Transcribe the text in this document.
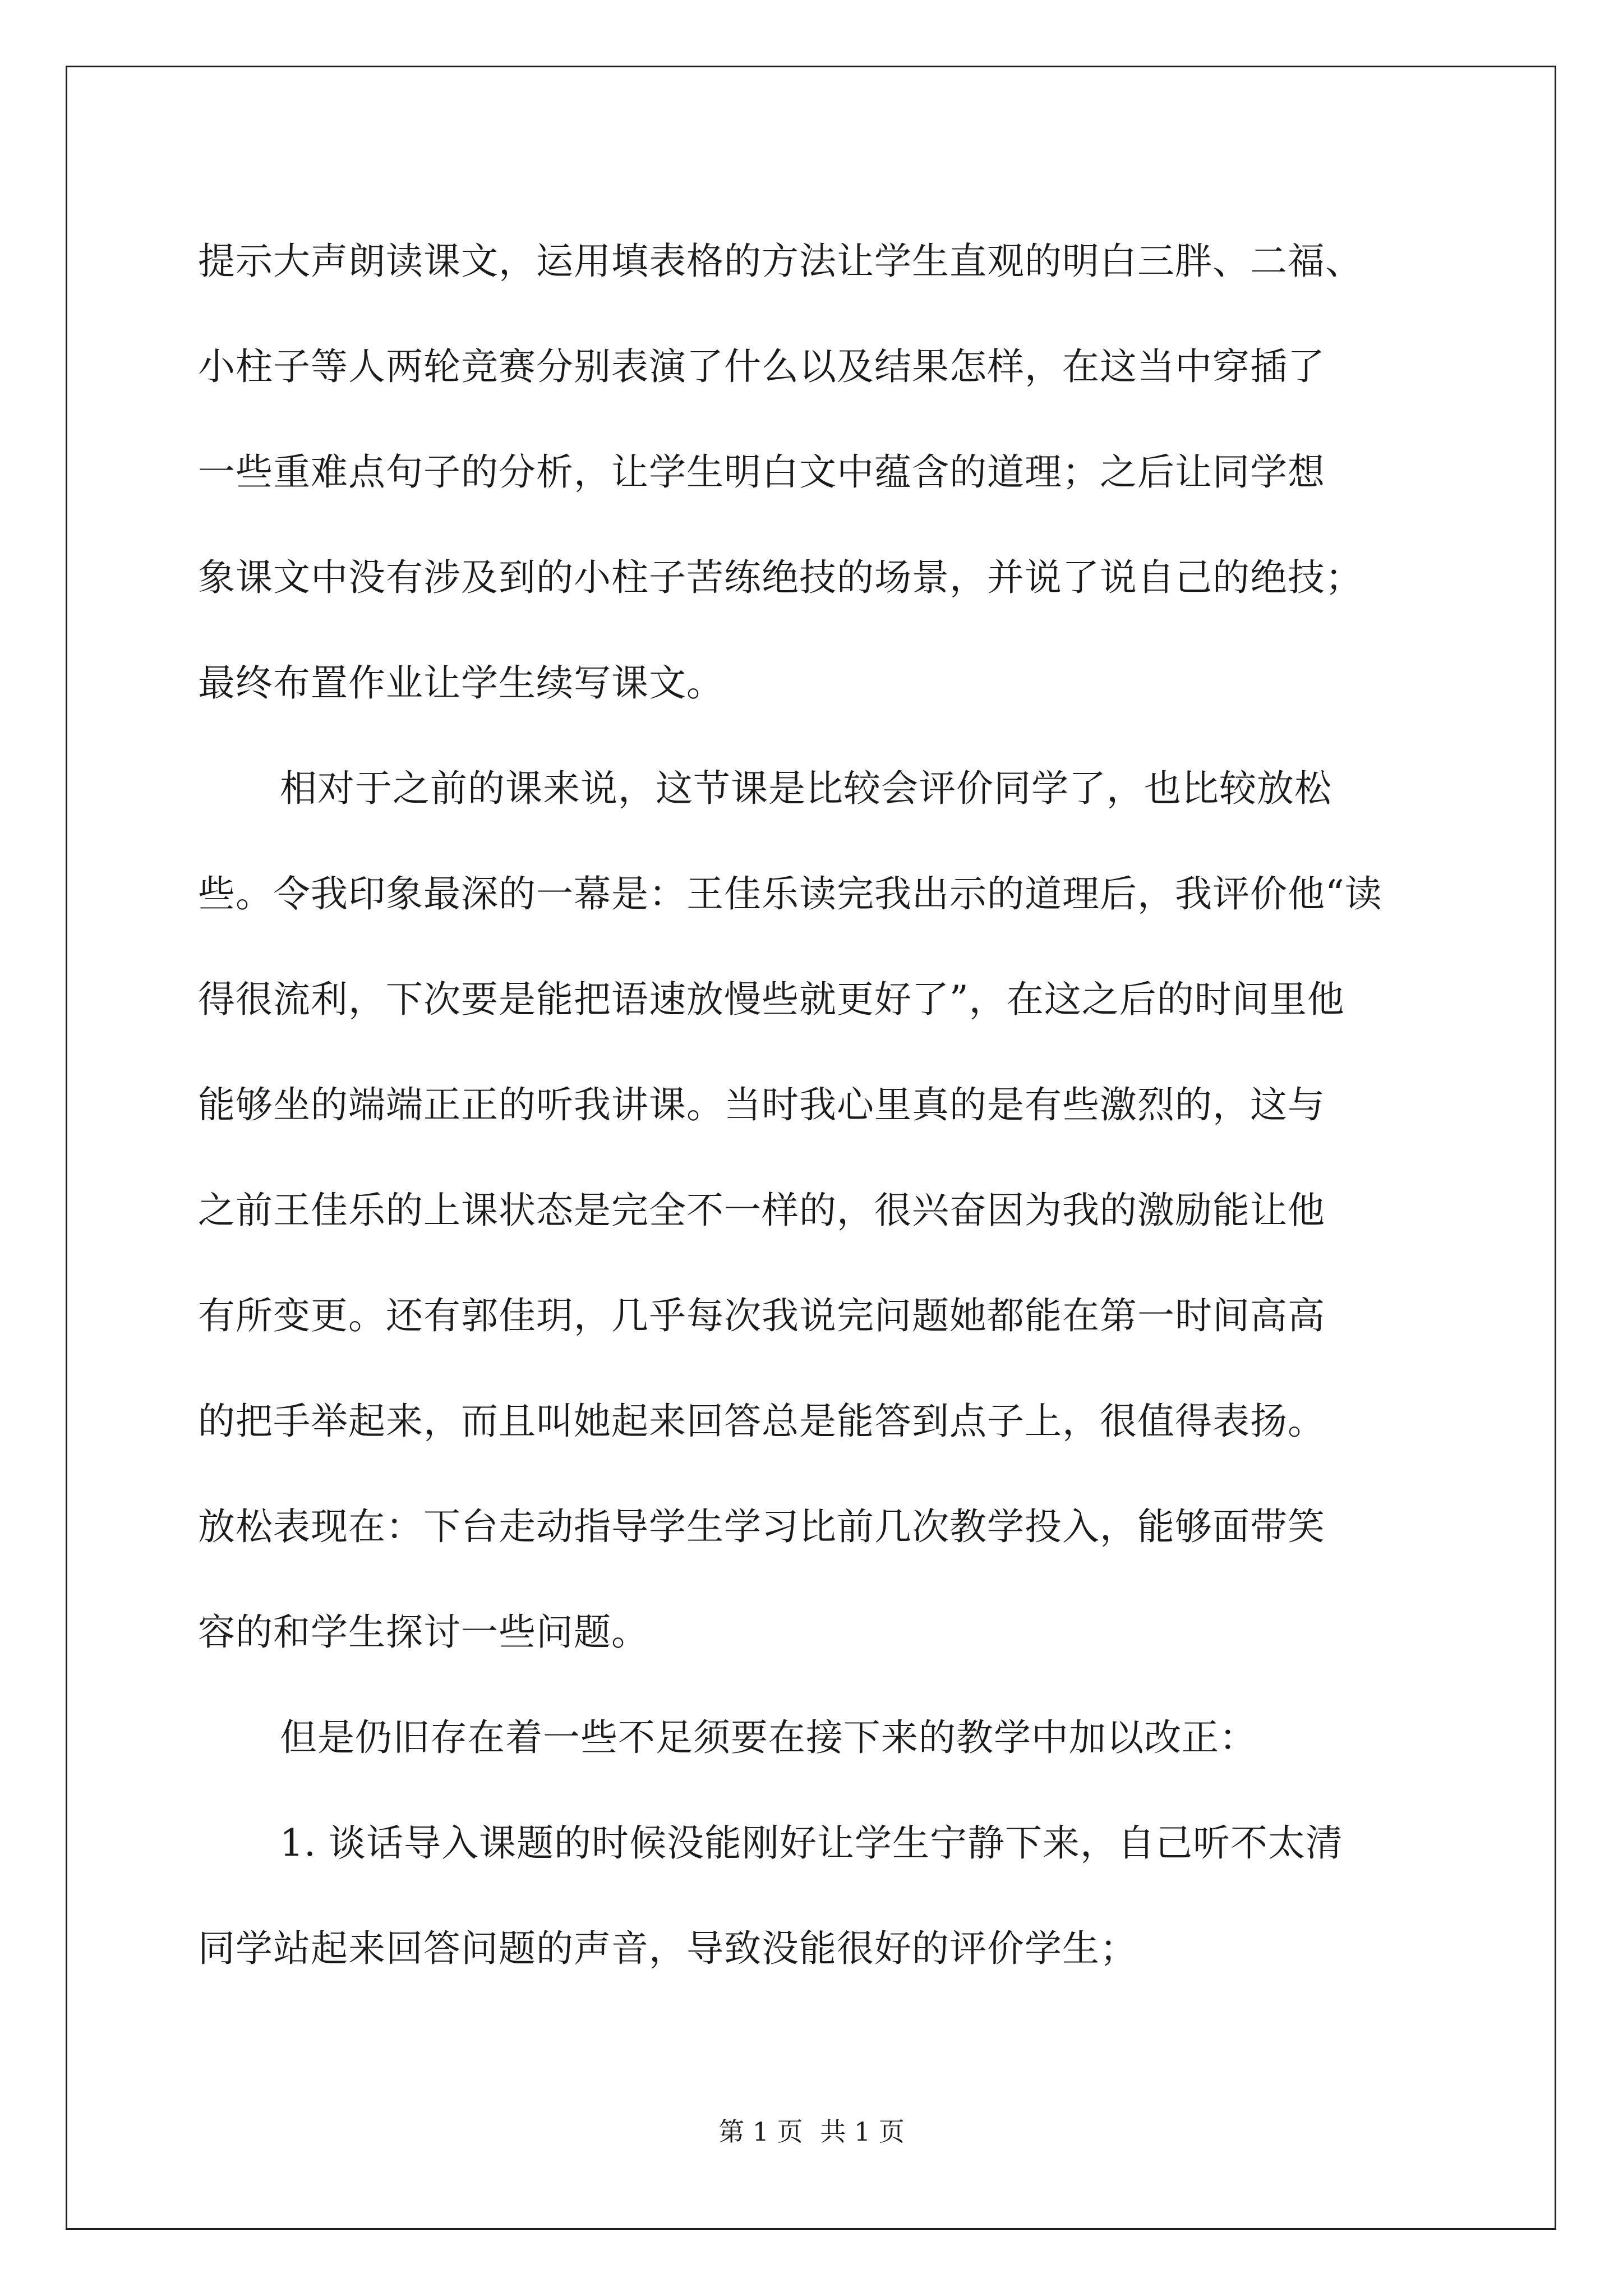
提示大声朗读课文，运用填表格的方法让学生直观的明白三胖、二福、
小柱子等人两轮竞赛分别表演了什么以及结果怎样，在这当中穿插了
一些重难点句子的分析，让学生明白文中蕴含的道理；之后让同学想
象课文中没有涉及到的小柱子苦练绝技的场景，并说了说自己的绝技；
最终布置作业让学生续写课文。
相对于之前的课来说，这节课是比较会评价同学了，也比较放松
些。令我印象最深的一幕是：王佳乐读完我出示的道理后，我评价他“读
得很流利，下次要是能把语速放慢些就更好了”，在这之后的时间里他
能够坐的端端正正的听我讲课。当时我心里真的是有些激烈的，这与
之前王佳乐的上课状态是完全不一样的，很兴奋因为我的激励能让他
有所变更。还有郭佳玥，几乎每次我说完问题她都能在第一时间高高
的把手举起来，而且叫她起来回答总是能答到点子上，很值得表扬。
放松表现在：下台走动指导学生学习比前几次教学投入，能够面带笑
容的和学生探讨一些问题。
但是仍旧存在着一些不足须要在接下来的教学中加以改正：
1. 谈话导入课题的时候没能刚好让学生宁静下来，自己听不太清
同学站起来回答问题的声音，导致没能很好的评价学生；
第 1 页 共 1 页
